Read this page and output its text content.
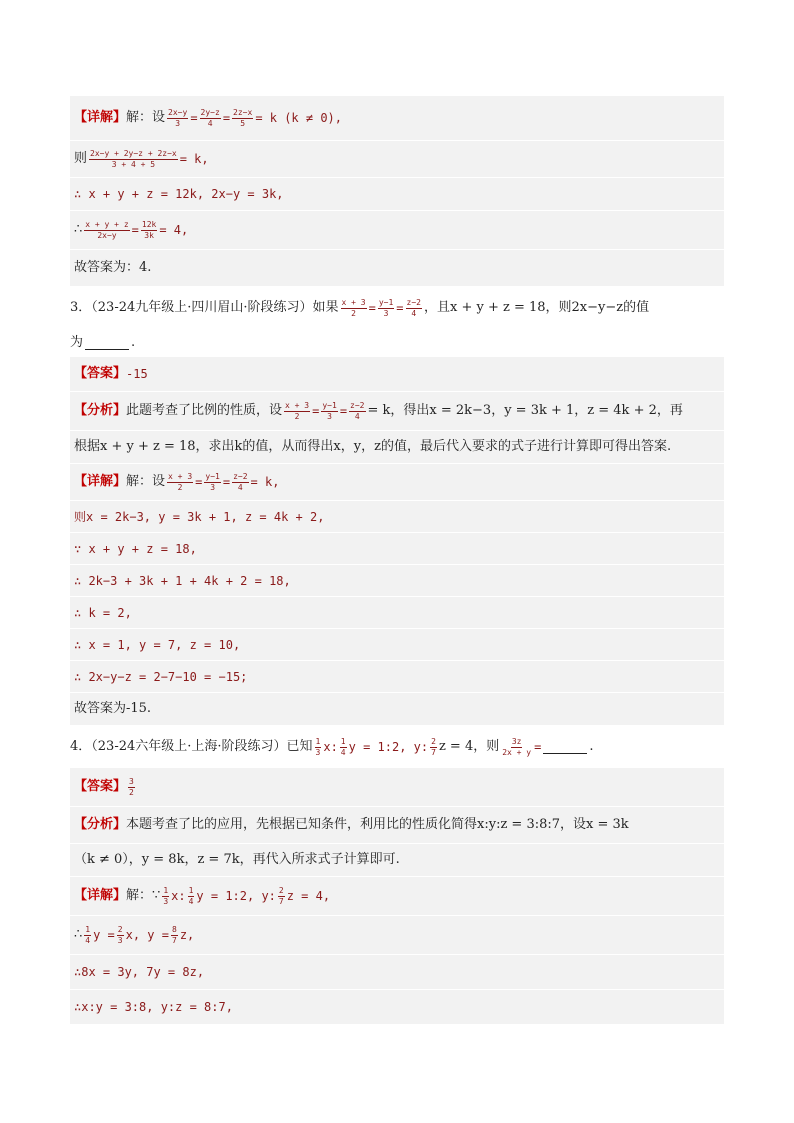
【详解】 解： 设 $\frac{2x-y}{3} = \frac{2y-z}{4} = \frac{2z-x}{5} = k$ (k ≠ 0),
则 $\frac{2x-y + 2y-z + 2z-x}{3 + 4 + 5} = k$,
∴ x + y + z = 12k, 2x−y = 3k,
∴ $\frac{x + y + z}{2x-y} = \frac{12k}{3k} = 4$,
故答案为：4.
3．（23-24九年级上·四川眉山·阶段练习）如果 $\frac{x + 3}{2} = \frac{y-1}{3} = \frac{z-2}{4}$ ，且x + y + z = 18，则2x−y−z的值
为	.
【答案】 -15
【分析】 此题考查了比例的性质，设 $\frac{x + 3}{2} = \frac{y-1}{3} = \frac{z-2}{4} = k$，得出x = 2k−3，y = 3k + 1，z = 4k + 2，再
根据x + y + z = 18，求出k的值，从而得出x，y，z的值，最后代入要求的式子进行计算即可得出答案.
【详解】 解： 设 $\frac{x + 3}{2} = \frac{y-1}{3} = \frac{z-2}{4} = k$,
则x = 2k−3, y = 3k + 1, z = 4k + 2,
∵ x + y + z = 18,
∴ 2k−3 + 3k + 1 + 4k + 2 = 18,
∴ k = 2,
∴ x = 1, y = 7, z = 10,
∴ 2x−y−z = 2−7−10 = −15;
故答案为-15.
4．（23-24六年级上·上海·阶段练习）已知 $\frac{1}{3} x$: $\frac{1}{4}$ y = 1:2, y: $\frac{2}{7}$ z = 4，则 $\frac{3z}{2x + y}$ =	.
【答案】 $\frac{3}{2}$
【分析】 本题考查了比的应用，先根据已知条件，利用比的性质化简得x:y:z = 3:8:7，设x = 3k
（k ≠ 0），y = 8k，z = 7k，再代入所求式子计算即可.
【详解】 解： ∵ $\frac{1}{3} x$: $\frac{1}{4}$ y = 1:2, y: $\frac{2}{7}$ z = 4,
∴ $\frac{1}{4}$ $y = \frac{2}{3} x$, $y = \frac{8}{7} z$,
∴8x = 3y, 7y = 8z,
∴x:y = 3:8, y:z = 8:7,
